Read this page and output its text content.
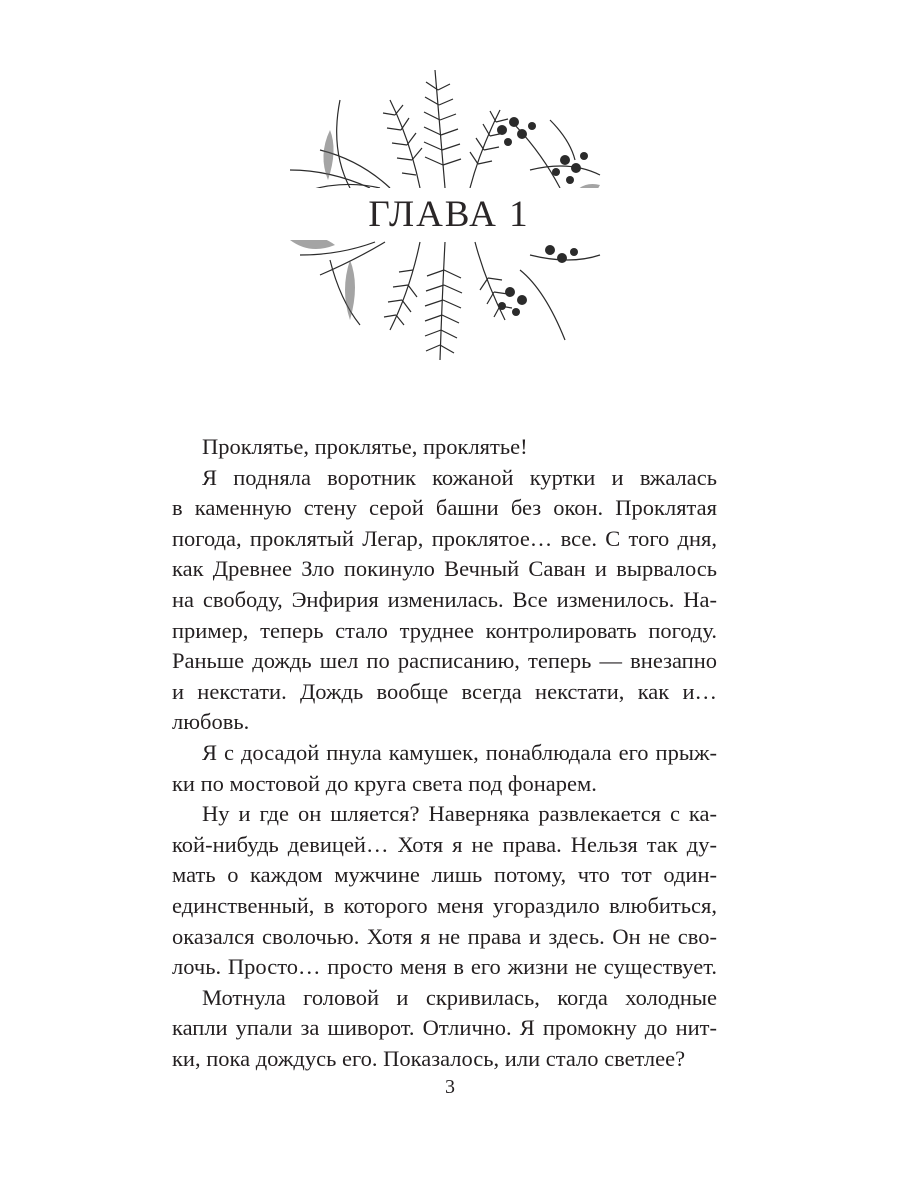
ГЛАВА 1
Проклятье, проклятье, проклятье!
Я подняла воротник кожаной куртки и вжалась
в каменную стену серой башни без окон. Проклятая
погода, проклятый Легар, проклятое… все. С того дня,
как Древнее Зло покинуло Вечный Саван и вырвалось
на свободу, Энфирия изменилась. Все изменилось. На-
пример, теперь стало труднее контролировать погоду.
Раньше дождь шел по расписанию, теперь — внезапно
и некстати. Дождь вообще всегда некстати, как и…
любовь.
Я с досадой пнула камушек, понаблюдала его прыж-
ки по мостовой до круга света под фонарем.
Ну и где он шляется? Наверняка развлекается с ка-
кой-нибудь девицей… Хотя я не права. Нельзя так ду-
мать о каждом мужчине лишь потому, что тот один-
единственный, в которого меня угораздило влюбиться,
оказался сволочью. Хотя я не права и здесь. Он не сво-
лочь. Просто… просто меня в его жизни не существует.
Мотнула головой и скривилась, когда холодные
капли упали за шиворот. Отлично. Я промокну до нит-
ки, пока дождусь его. Показалось, или стало светлее?
3
